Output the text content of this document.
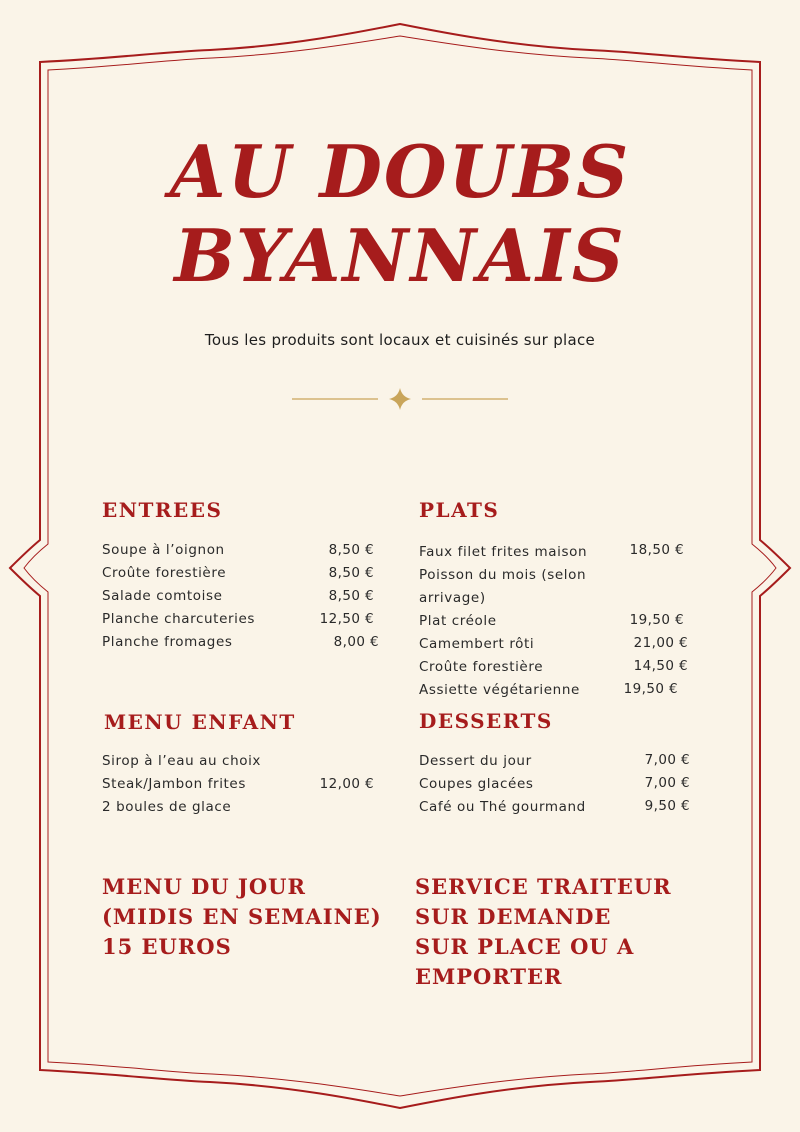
AU DOUBS
BYANNAIS
Tous les produits sont locaux et cuisinés sur place
ENTREES
Soupe à l’oignon	8,50 €
Croûte forestière	8,50 €
Salade comtoise	8,50 €
Planche charcuteries	12,50 €
Planche fromages	8,00 €
PLATS
Faux filet frites maison	18,50 €
Poisson du mois (selon
arrivage)
Plat créole	19,50 €
Camembert rôti	21,00 €
Croûte forestière	14,50 €
Assiette végétarienne	19,50 €
MENU ENFANT
Sirop à l’eau au choix
Steak/Jambon frites	12,00 €
2 boules de glace
DESSERTS
Dessert du jour	7,00 €
Coupes glacées	7,00 €
Café ou Thé gourmand	9,50 €
MENU DU JOUR
(MIDIS EN SEMAINE)
15 EUROS
SERVICE TRAITEUR
SUR DEMANDE
SUR PLACE OU A
EMPORTER
